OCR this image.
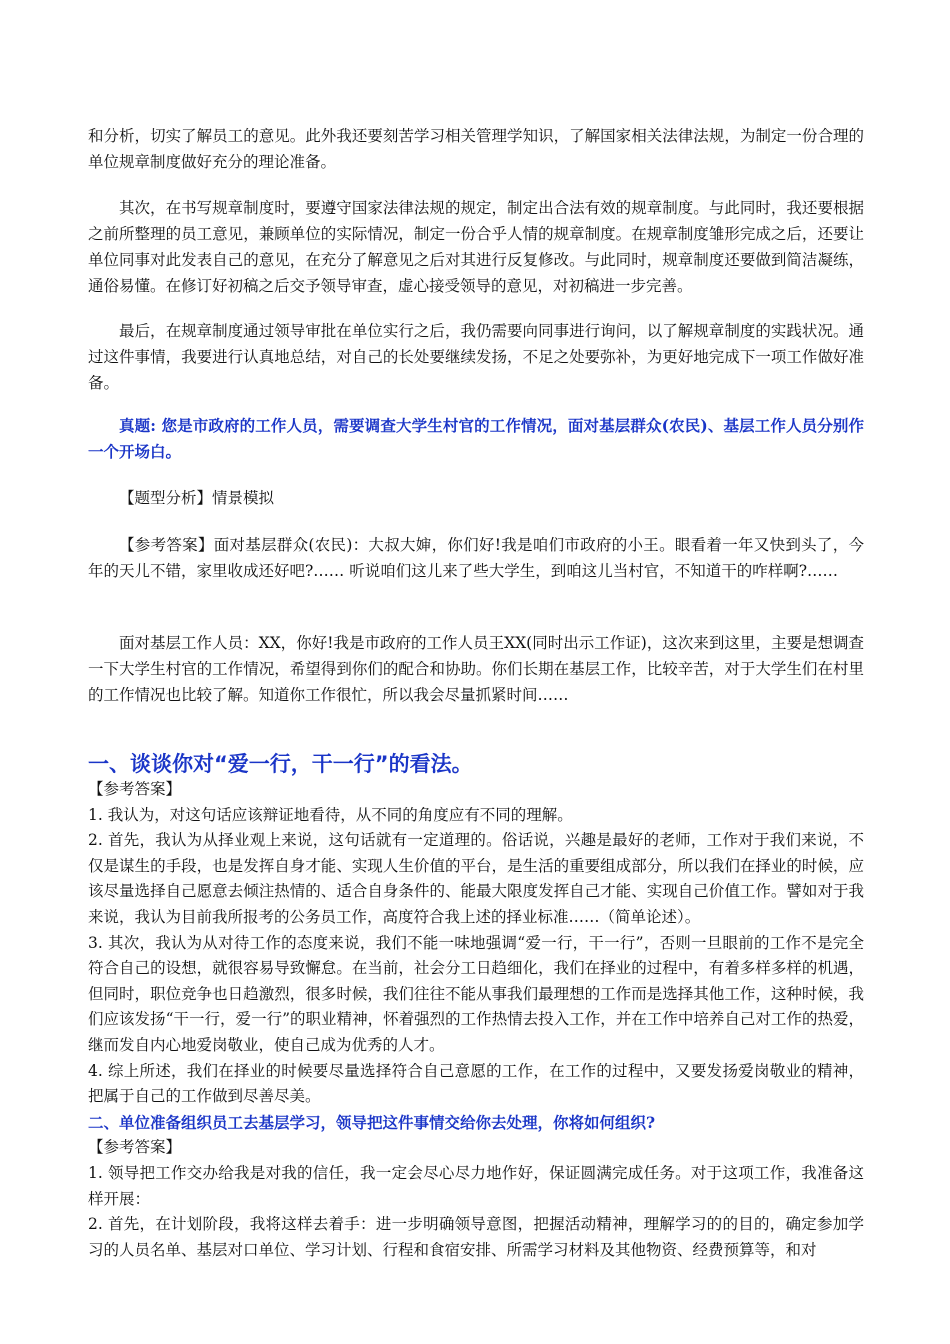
和分析，切实了解员工的意见。此外我还要刻苦学习相关管理学知识，了解国家相关法律法规，为制定一份合理的单位规章制度做好充分的理论准备。

其次，在书写规章制度时，要遵守国家法律法规的规定，制定出合法有效的规章制度。与此同时，我还要根据之前所整理的员工意见，兼顾单位的实际情况，制定一份合乎人情的规章制度。在规章制度雏形完成之后，还要让单位同事对此发表自己的意见，在充分了解意见之后对其进行反复修改。与此同时，规章制度还要做到简洁凝练，通俗易懂。在修订好初稿之后交予领导审查，虚心接受领导的意见，对初稿进一步完善。

最后，在规章制度通过领导审批在单位实行之后，我仍需要向同事进行询问，以了解规章制度的实践状况。通过这件事情，我要进行认真地总结，对自己的长处要继续发扬，不足之处要弥补，为更好地完成下一项工作做好准备。

真题: 您是市政府的工作人员，需要调查大学生村官的工作情况，面对基层群众(农民)、基层工作人员分别作一个开场白。

【题型分析】情景模拟

【参考答案】面对基层群众(农民)：大叔大婶，你们好!我是咱们市政府的小王。眼看着一年又快到头了，今年的天儿不错，家里收成还好吧?…… 听说咱们这儿来了些大学生，到咱这儿当村官，不知道干的咋样啊?……

面对基层工作人员：XX，你好!我是市政府的工作人员王XX(同时出示工作证)，这次来到这里，主要是想调查一下大学生村官的工作情况，希望得到你们的配合和协助。你们长期在基层工作，比较辛苦，对于大学生们在村里的工作情况也比较了解。知道你工作很忙，所以我会尽量抓紧时间……

一、谈谈你对“爱一行，干一行”的看法。
【参考答案】
1. 我认为，对这句话应该辩证地看待，从不同的角度应有不同的理解。
2. 首先，我认为从择业观上来说，这句话就有一定道理的。俗话说，兴趣是最好的老师，工作对于我们来说，不仅是谋生的手段，也是发挥自身才能、实现人生价值的平台，是生活的重要组成部分，所以我们在择业的时候，应该尽量选择自己愿意去倾注热情的、适合自身条件的、能最大限度发挥自己才能、实现自己价值工作。譬如对于我来说，我认为目前我所报考的公务员工作，高度符合我上述的择业标准……（简单论述）。
3. 其次，我认为从对待工作的态度来说，我们不能一味地强调“爱一行，干一行”，否则一旦眼前的工作不是完全符合自己的设想，就很容易导致懈怠。在当前，社会分工日趋细化，我们在择业的过程中，有着多样多样的机遇，但同时，职位竞争也日趋激烈，很多时候，我们往往不能从事我们最理想的工作而是选择其他工作，这种时候，我们应该发扬“干一行，爱一行”的职业精神，怀着强烈的工作热情去投入工作，并在工作中培养自己对工作的热爱，继而发自内心地爱岗敬业，使自己成为优秀的人才。
4. 综上所述，我们在择业的时候要尽量选择符合自己意愿的工作，在工作的过程中，又要发扬爱岗敬业的精神，把属于自己的工作做到尽善尽美。
二、单位准备组织员工去基层学习，领导把这件事情交给你去处理，你将如何组织?
【参考答案】
1. 领导把工作交办给我是对我的信任，我一定会尽心尽力地作好，保证圆满完成任务。对于这项工作，我准备这样开展：
2. 首先，在计划阶段，我将这样去着手：进一步明确领导意图，把握活动精神，理解学习的的目的，确定参加学习的人员名单、基层对口单位、学习计划、行程和食宿安排、所需学习材料及其他物资、经费预算等，和对
